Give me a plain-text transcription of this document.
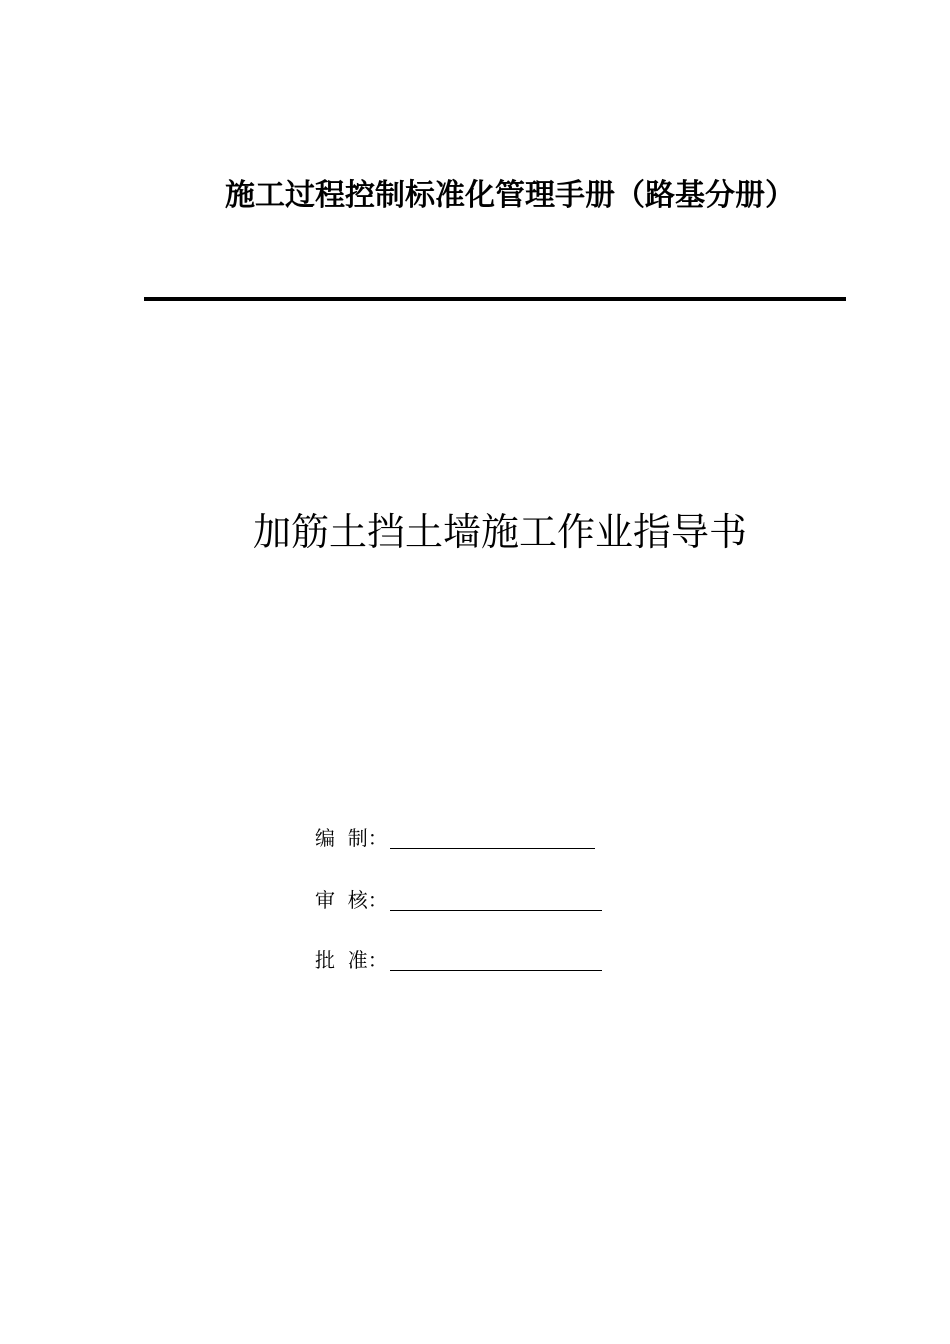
施工过程控制标准化管理手册（路基分册）
加筋土挡土墙施工作业指导书
编  制：
审  核：
批  准：
